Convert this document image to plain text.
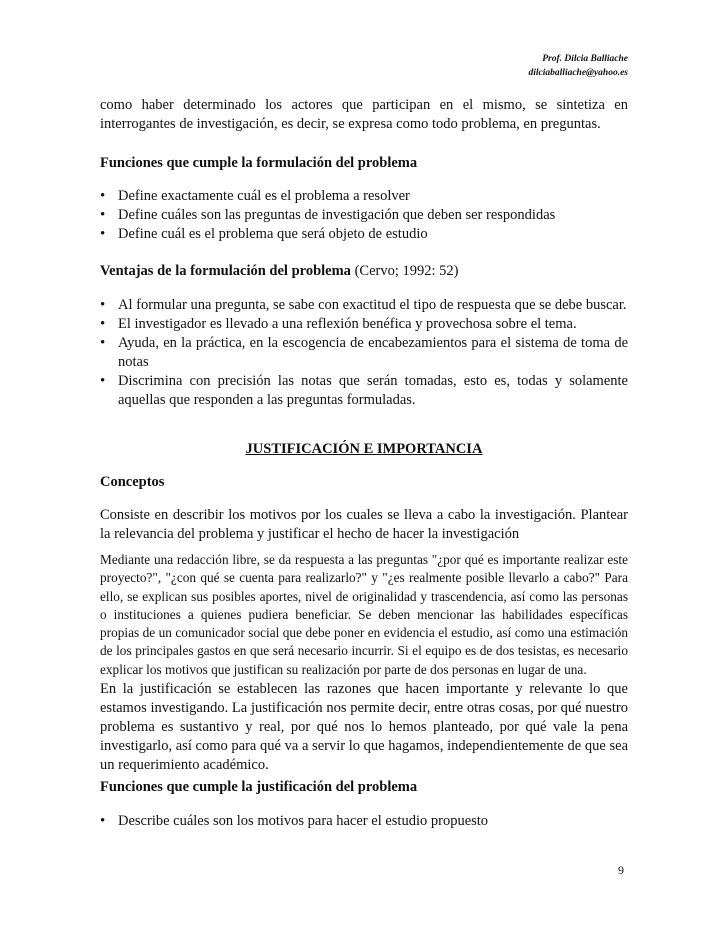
Prof. Dilcia Balliache
dilciaballiache@yahoo.es

como haber determinado los actores que participan en el mismo, se sintetiza en interrogantes de investigación, es decir, se expresa como todo problema, en preguntas.

Funciones que cumple la formulación del problema
• Define exactamente cuál es el problema a resolver
• Define cuáles son las preguntas de investigación que deben ser respondidas
• Define cuál es el problema que será objeto de estudio
Ventajas de la formulación del problema (Cervo; 1992: 52)
• Al formular una pregunta, se sabe con exactitud el tipo de respuesta que se debe buscar.
• El investigador es llevado a una reflexión benéfica y provechosa sobre el tema.
• Ayuda, en la práctica, en la escogencia de encabezamientos para el sistema de toma de notas
• Discrimina con precisión las notas que serán tomadas, esto es, todas y solamente aquellas que responden a las preguntas formuladas.
JUSTIFICACIÓN E IMPORTANCIA
Conceptos

Consiste en describir los motivos por los cuales se lleva a cabo la investigación. Plantear la relevancia del problema y justificar el hecho de hacer la investigación

Mediante una redacción libre, se da respuesta a las preguntas "¿por qué es importante realizar este proyecto?", "¿con qué se cuenta para realizarlo?" y "¿es realmente posible llevarlo a cabo?" Para ello, se explican sus posibles aportes, nivel de originalidad y trascendencia, así como las personas o instituciones a quienes pudiera beneficiar. Se deben mencionar las habilidades específicas propias de un comunicador social que debe poner en evidencia el estudio, así como una estimación de los principales gastos en que será necesario incurrir. Si el equipo es de dos tesistas, es necesario explicar los motivos que justifican su realización por parte de dos personas en lugar de una.

En la justificación se establecen las razones que hacen importante y relevante lo que estamos investigando. La justificación nos permite decir, entre otras cosas, por qué nuestro problema es sustantivo y real, por qué nos lo hemos planteado, por qué vale la pena investigarlo, así como para qué va a servir lo que hagamos, independientemente de que sea un requerimiento académico.

Funciones que cumple la justificación del problema
• Describe cuáles son los motivos para hacer el estudio propuesto
9
